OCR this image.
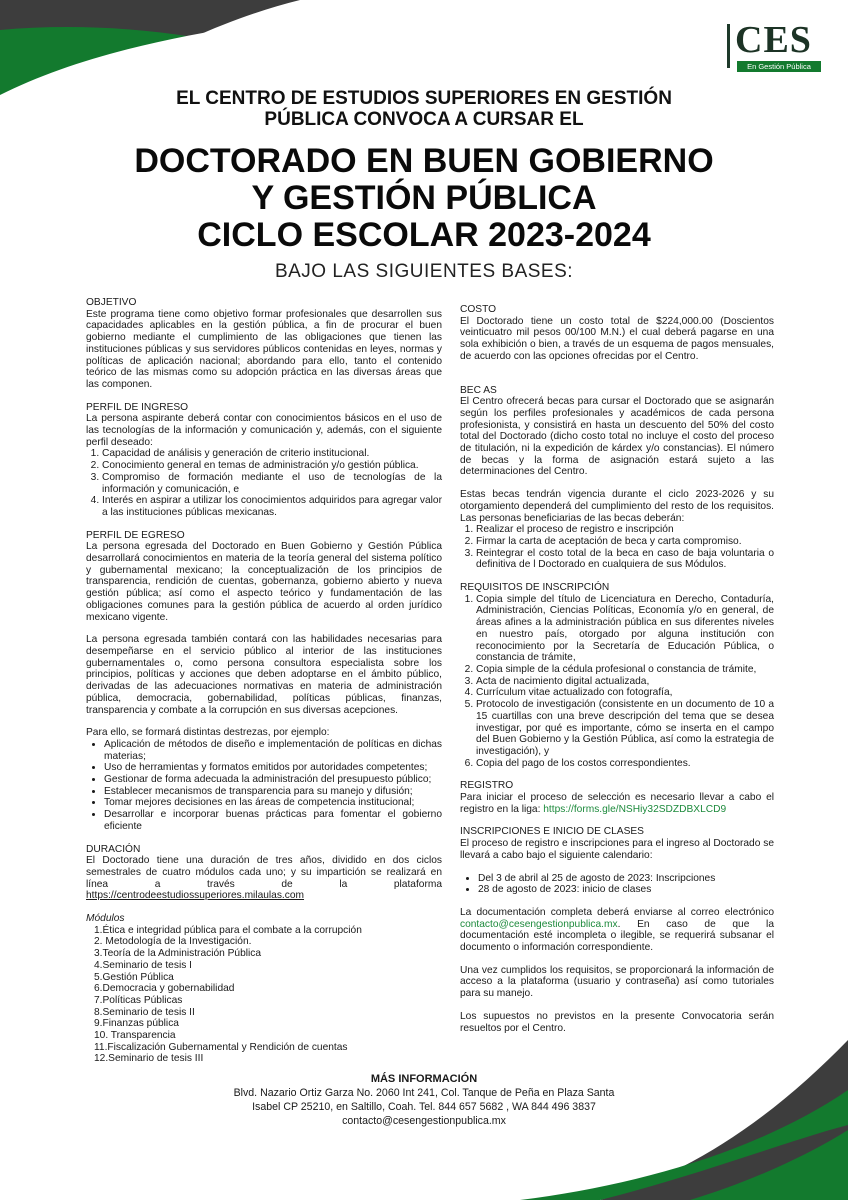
CES
En Gestión Pública
EL CENTRO DE ESTUDIOS SUPERIORES EN GESTIÓN
PÚBLICA CONVOCA A CURSAR EL
DOCTORADO EN BUEN GOBIERNO
Y GESTIÓN PÚBLICA
CICLO ESCOLAR 2023-2024
BAJO LAS SIGUIENTES BASES:
OBJETIVO

Este programa tiene como objetivo formar profesionales que desarrollen sus capacidades aplicables en la gestión pública, a fin de procurar el buen gobierno mediante el cumplimiento de las obligaciones que tienen las instituciones públicas y sus servidores públicos contenidas en leyes, normas y políticas de aplicación nacional; abordando para ello, tanto el contenido teórico de las mismas como su adopción práctica en las diversas áreas que las componen.

PERFIL DE INGRESO

La persona aspirante deberá contar con conocimientos básicos en el uso de las tecnologías de la información y comunicación y, además, con el siguiente perfil deseado:

1. Capacidad de análisis y generación de criterio institucional.
2. Conocimiento general en temas de administración y/o gestión pública.
3. Compromiso de formación mediante el uso de tecnologías de la información y comunicación, e
4. Interés en aspirar a utilizar los conocimientos adquiridos para agregar valor a las instituciones públicas mexicanas.
PERFIL DE EGRESO

La persona egresada del Doctorado en Buen Gobierno y Gestión Pública desarrollará conocimientos en materia de la teoría general del sistema político y gubernamental mexicano; la conceptualización de los principios de transparencia, rendición de cuentas, gobernanza, gobierno abierto y nueva gestión pública; así como el aspecto teórico y fundamentación de las obligaciones comunes para la gestión pública de acuerdo al orden jurídico mexicano vigente.

La persona egresada también contará con las habilidades necesarias para desempeñarse en el servicio público al interior de las instituciones gubernamentales o, como persona consultora especialista sobre los principios, políticas y acciones que deben adoptarse en el ámbito público, derivadas de las adecuaciones normativas en materia de administración pública, democracia, gobernabilidad, políticas públicas, finanzas, transparencia y combate a la corrupción en sus diversas acepciones.

Para ello, se formará distintas destrezas, por ejemplo:

• Aplicación de métodos de diseño e implementación de políticas en dichas materias;
• Uso de herramientas y formatos emitidos por autoridades competentes;
• Gestionar de forma adecuada la administración del presupuesto público;
• Establecer mecanismos de transparencia para su manejo y difusión;
• Tomar mejores decisiones en las áreas de competencia institucional;
• Desarrollar e incorporar buenas prácticas para fomentar el gobierno eficiente
DURACIÓN

El Doctorado tiene una duración de tres años, dividido en dos ciclos semestrales de cuatro módulos cada uno; y su impartición se realizará en línea a través de la plataforma https://centrodeestudiossuperiores.milaulas.com

Módulos
1.Ética e integridad pública para el combate a la corrupción
2. Metodología de la Investigación.
3.Teoría de la Administración Pública
4.Seminario de tesis I
5.Gestión Pública
6.Democracia y gobernabilidad
7.Políticas Públicas
8.Seminario de tesis II
9.Finanzas pública
10. Transparencia
11.Fiscalización Gubernamental y Rendición de cuentas
12.Seminario de tesis III
COSTO

El Doctorado tiene un costo total de $224,000.00 (Doscientos veinticuatro mil pesos 00/100 M.N.) el cual deberá pagarse en una sola exhibición o bien, a través de un esquema de pagos mensuales, de acuerdo con las opciones ofrecidas por el Centro.

BEC AS

El Centro ofrecerá becas para cursar el Doctorado que se asignarán según los perfiles profesionales y académicos de cada persona profesionista, y consistirá en hasta un descuento del 50% del costo total del Doctorado (dicho costo total no incluye el costo del proceso de titulación, ni la expedición de kárdex y/o constancias). El número de becas y la forma de asignación estará sujeto a las determinaciones del Centro.

Estas becas tendrán vigencia durante el ciclo 2023-2026 y su otorgamiento dependerá del cumplimiento del resto de los requisitos. Las personas beneficiarias de las becas deberán:

1. Realizar el proceso de registro e inscripción
2. Firmar la carta de aceptación de beca y carta compromiso.
3. Reintegrar el costo total de la beca en caso de baja voluntaria o definitiva de l Doctorado en cualquiera de sus Módulos.
REQUISITOS DE INSCRIPCIÓN
1. Copia simple del título de Licenciatura en Derecho, Contaduría, Administración, Ciencias Políticas, Economía y/o en general, de áreas afines a la administración pública en sus diferentes niveles en nuestro país, otorgado por alguna institución con reconocimiento por la Secretaría de Educación Pública, o constancia de trámite,
2. Copia simple de la cédula profesional o constancia de trámite,
3. Acta de nacimiento digital actualizada,
4. Currículum vitae actualizado con fotografía,
5. Protocolo de investigación (consistente en un documento de 10 a 15 cuartillas con una breve descripción del tema que se desea investigar, por qué es importante, cómo se inserta en el campo del Buen Gobierno y la Gestión Pública, así como la estrategia de investigación), y
6. Copia del pago de los costos correspondientes.
REGISTRO

Para iniciar el proceso de selección es necesario llevar a cabo el registro en la liga: https://forms.gle/NSHiy32SDZDBXLCD9

INSCRIPCIONES E INICIO DE CLASES

El proceso de registro e inscripciones para el ingreso al Doctorado se llevará a cabo bajo el siguiente calendario:

• Del 3 de abril al 25 de agosto de 2023: Inscripciones
• 28 de agosto de 2023: inicio de clases

La documentación completa deberá enviarse al correo electrónico contacto@cesengestionpublica.mx. En caso de que la documentación esté incompleta o ilegible, se requerirá subsanar el documento o información correspondiente.

Una vez cumplidos los requisitos, se proporcionará la información de acceso a la plataforma (usuario y contraseña) así como tutoriales para su manejo.

Los supuestos no previstos en la presente Convocatoria serán resueltos por el Centro.

MÁS INFORMACIÓN
Blvd. Nazario Ortiz Garza No. 2060 Int 241, Col. Tanque de Peña en Plaza Santa
Isabel CP 25210, en Saltillo, Coah. Tel. 844 657 5682 , WA 844 496 3837
contacto@cesengestionpublica.mx
